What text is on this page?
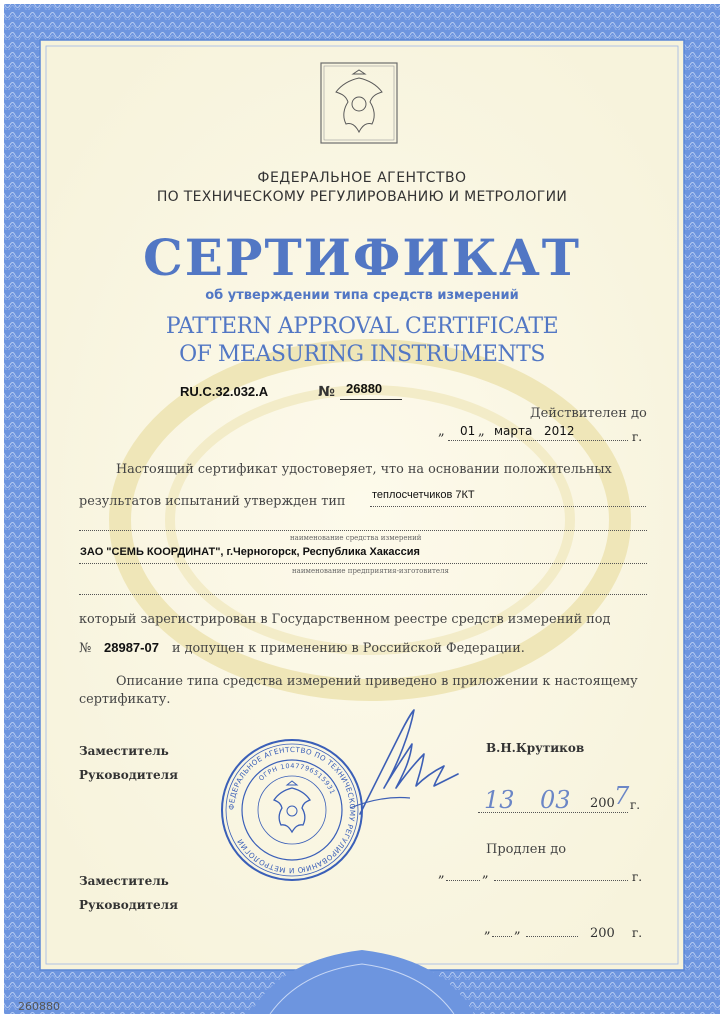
ФЕДЕРАЛЬНОЕ АГЕНТСТВО
ПО ТЕХНИЧЕСКОМУ РЕГУЛИРОВАНИЮ И МЕТРОЛОГИИ
СЕРТИФИКАТ
об утверждении типа средств измерений
PATTERN APPROVAL CERTIFICATE
OF MEASURING INSTRUMENTS
RU.C.32.032.A	№ 26880
Действителен до
„ 01 „ марта 2012	г.
Настоящий сертификат удостоверяет, что на основании положительных
результатов испытаний утвержден тип теплосчетчиков 7КТ
наименование средства измерений
ЗАО "СЕМЬ КООРДИНАТ", г.Черногорск, Республика Хакассия
наименование предприятия-изготовителя
который зарегистрирован в Государственном реестре средств измерений под
№ 28987-07 и допущен к применению в Российской Федерации.
Описание типа средства измерений приведено в приложении к настоящему
сертификату.
Заместитель
Руководителя
В.Н.Крутиков
ФЕДЕРАЛЬНОЕ АГЕНТСТВО ПО ТЕХНИЧЕСКОМУ РЕГУЛИРОВАНИЮ И МЕТРОЛОГИИ
ОГРН 1047796515931	13 03 200 7 г.
Продлен до
„	„	г.
Заместитель
Руководителя
„ „	200 г.
260880
